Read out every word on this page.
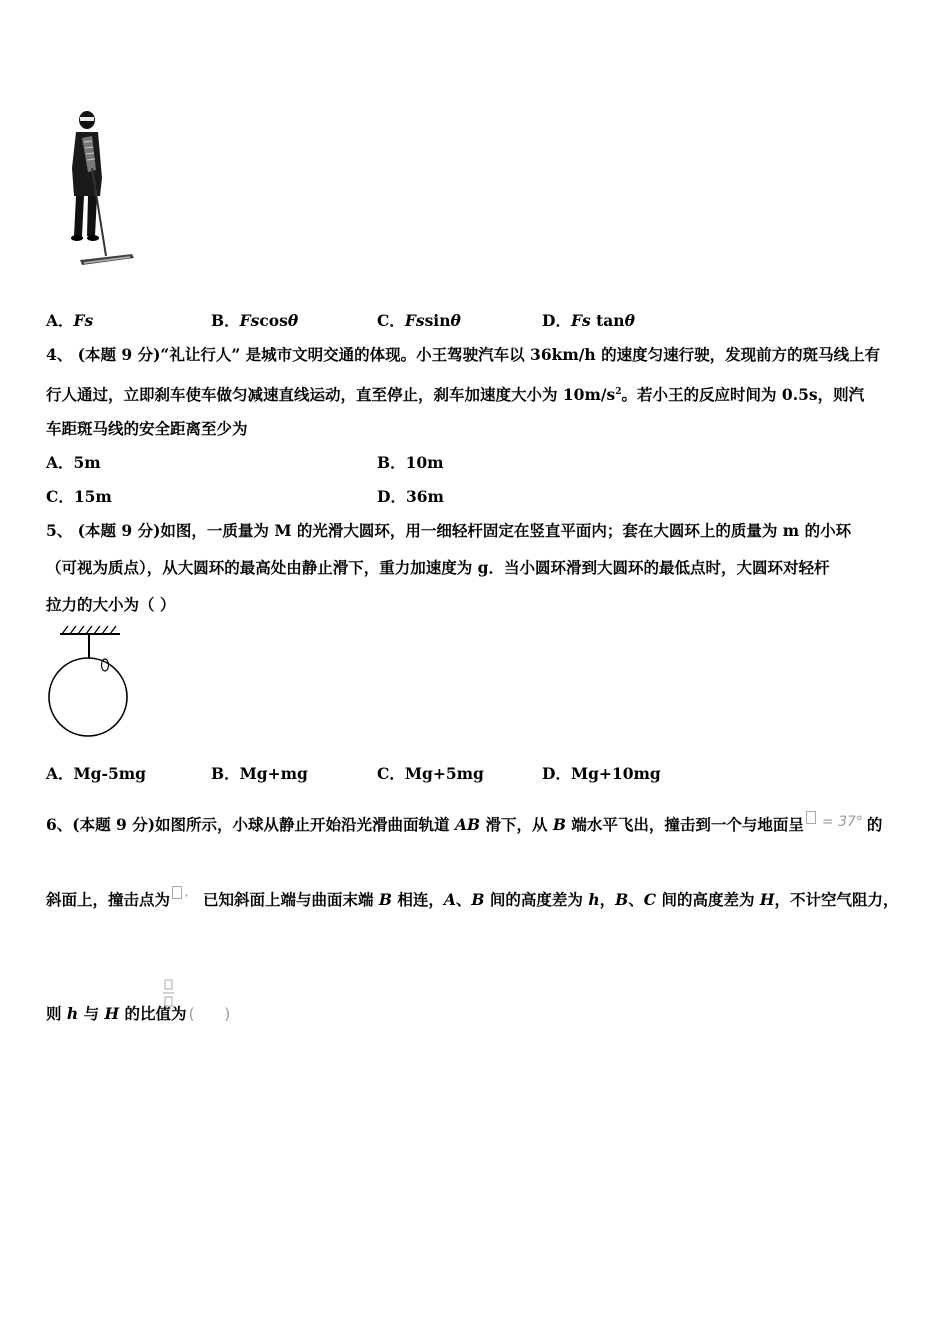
A．Fs	B．Fscosθ	C．Fssinθ	D．Fs tanθ
4、 (本题 9 分)“礼让行人” 是城市文明交通的体现。小王驾驶汽车以 36km/h 的速度匀速行驶，发现前方的斑马线上有
行人通过，立即刹车使车做匀减速直线运动，直至停止，刹车加速度大小为 $10m/s^2$。若小王的反应时间为 0.5s，则汽
车距斑马线的安全距离至少为
A．5m	B．10m
C．15m	D．36m
5、 (本题 9 分)如图，一质量为 M 的光滑大圆环，用一细轻杆固定在竖直平面内；套在大圆环上的质量为 m 的小环
（可视为质点），从大圆环的最高处由静止滑下，重力加速度为 g．当小圆环滑到大圆环的最低点时，大圆环对轻杆
拉力的大小为（ ）
A．Mg-5mg	B．Mg+mg	C．Mg+5mg	D．Mg+10mg
6、(本题 9 分)如图所示，小球从静止开始沿光滑曲面轨道 AB 滑下，从 B 端水平飞出，撞击到一个与地面呈 = 37° 的
斜面上，撞击点为 · 已知斜面上端与曲面末端 B 相连，A、B 间的高度差为 h，B、C 间的高度差为 H，不计空气阻力，
则 h 与 H 的比值为 (　　)
